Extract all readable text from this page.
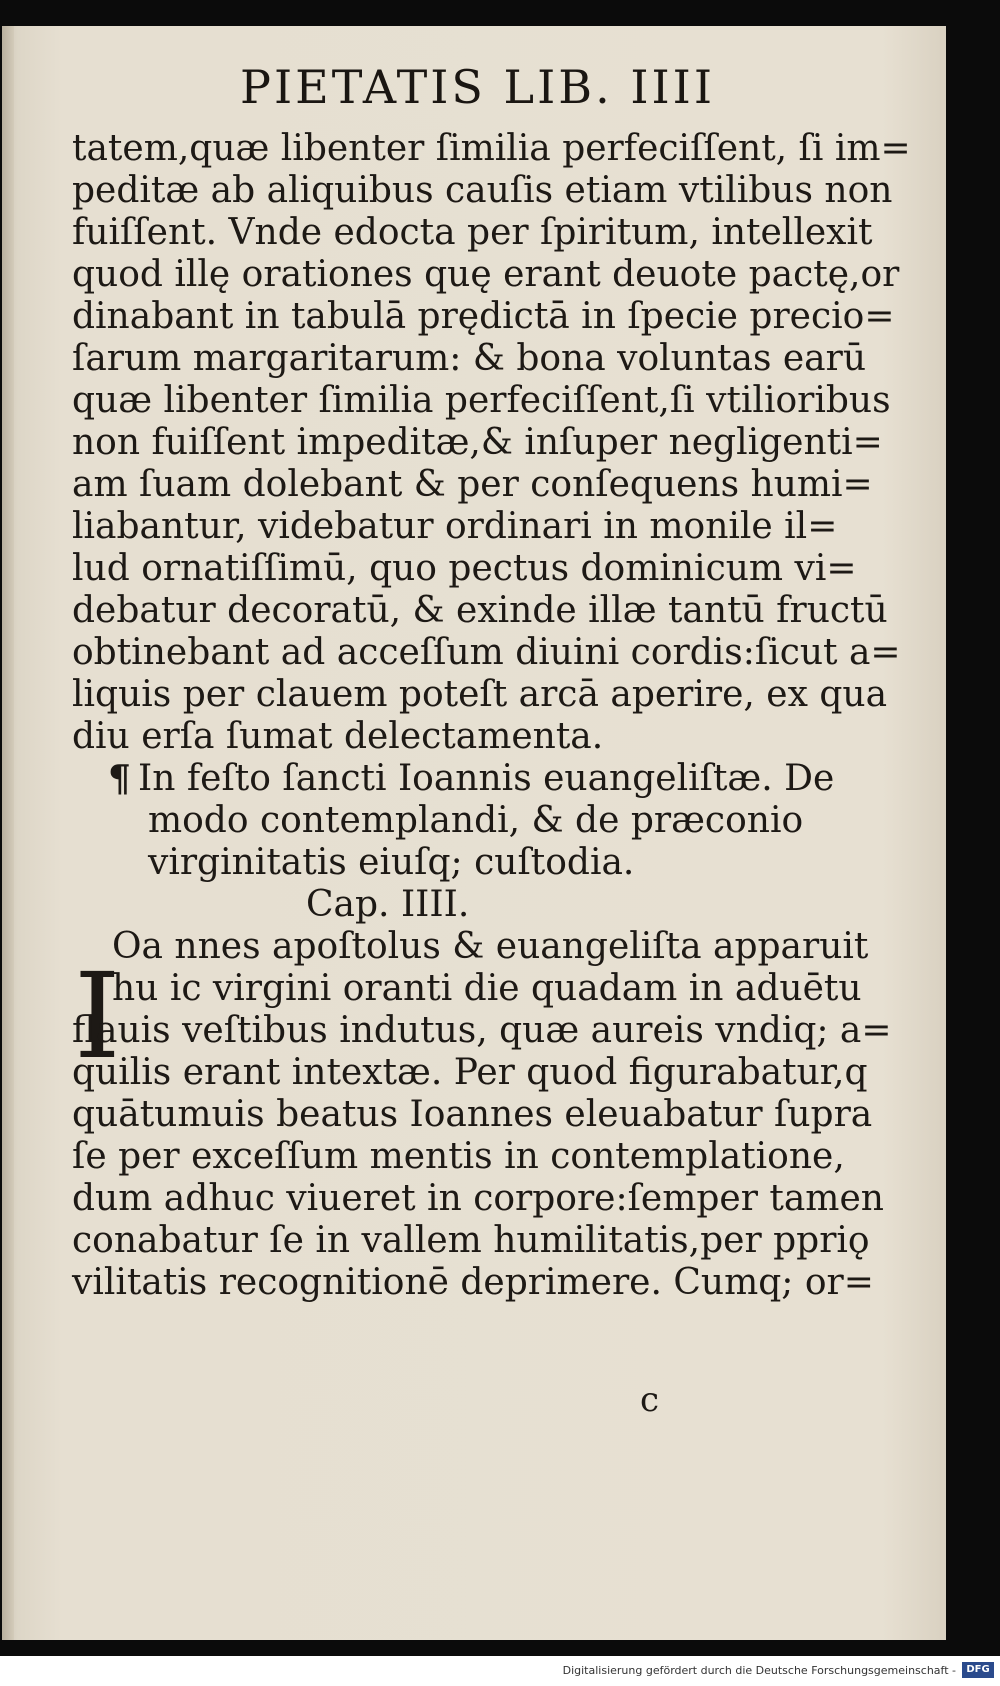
PIETATIS LIB. IIII
tatem,quæ libenter ſimilia perfeciſſent, ſi im=
peditæ ab aliquibus cauſis etiam vtilibus non
fuiſſent. Vnde edocta per ſpiritum, intellexit
quod illę orationes quę erant deuote pactę,or
dinabant in tabulā prędictā in ſpecie precio=
ſarum margaritarum: & bona voluntas earū
quæ libenter ſimilia perfeciſſent,ſi vtilioribus
non fuiſſent impeditæ,& inſuper negligenti=
am ſuam dolebant & per conſequens humi=
liabantur, videbatur ordinari in monile il=
lud ornatiſſimū, quo pectus dominicum vi=
debatur decoratū, & exinde illæ tantū fructū
obtinebant ad acceſſum diuini cordis:ſicut a=
liquis per clauem poteſt arcā aperire, ex qua
diu erſa ſumat delectamenta.
¶ In feſto ſancti Ioannis euangeliſtæ. De
modo contemplandi, & de præconio
virginitatis eiuſq; cuſtodia.
Cap. IIII.
I
Oa nnes apoſtolus & euangeliſta apparuit
hu ic virgini oranti die quadam in aduētu
flauis veſtibus indutus, quæ aureis vndiq; a=
quilis erant intextæ. Per quod figurabatur,q
quātumuis beatus Ioannes eleuabatur ſupra
ſe per exceſſum mentis in contemplatione,
dum adhuc viueret in corpore:ſemper tamen
conabatur ſe in vallem humilitatis,per ppriǫ
vilitatis recognitionē deprimere. Cumq; or=
c
Digitalisierung gefördert durch die Deutsche Forschungsgemeinschaft -	DFG
